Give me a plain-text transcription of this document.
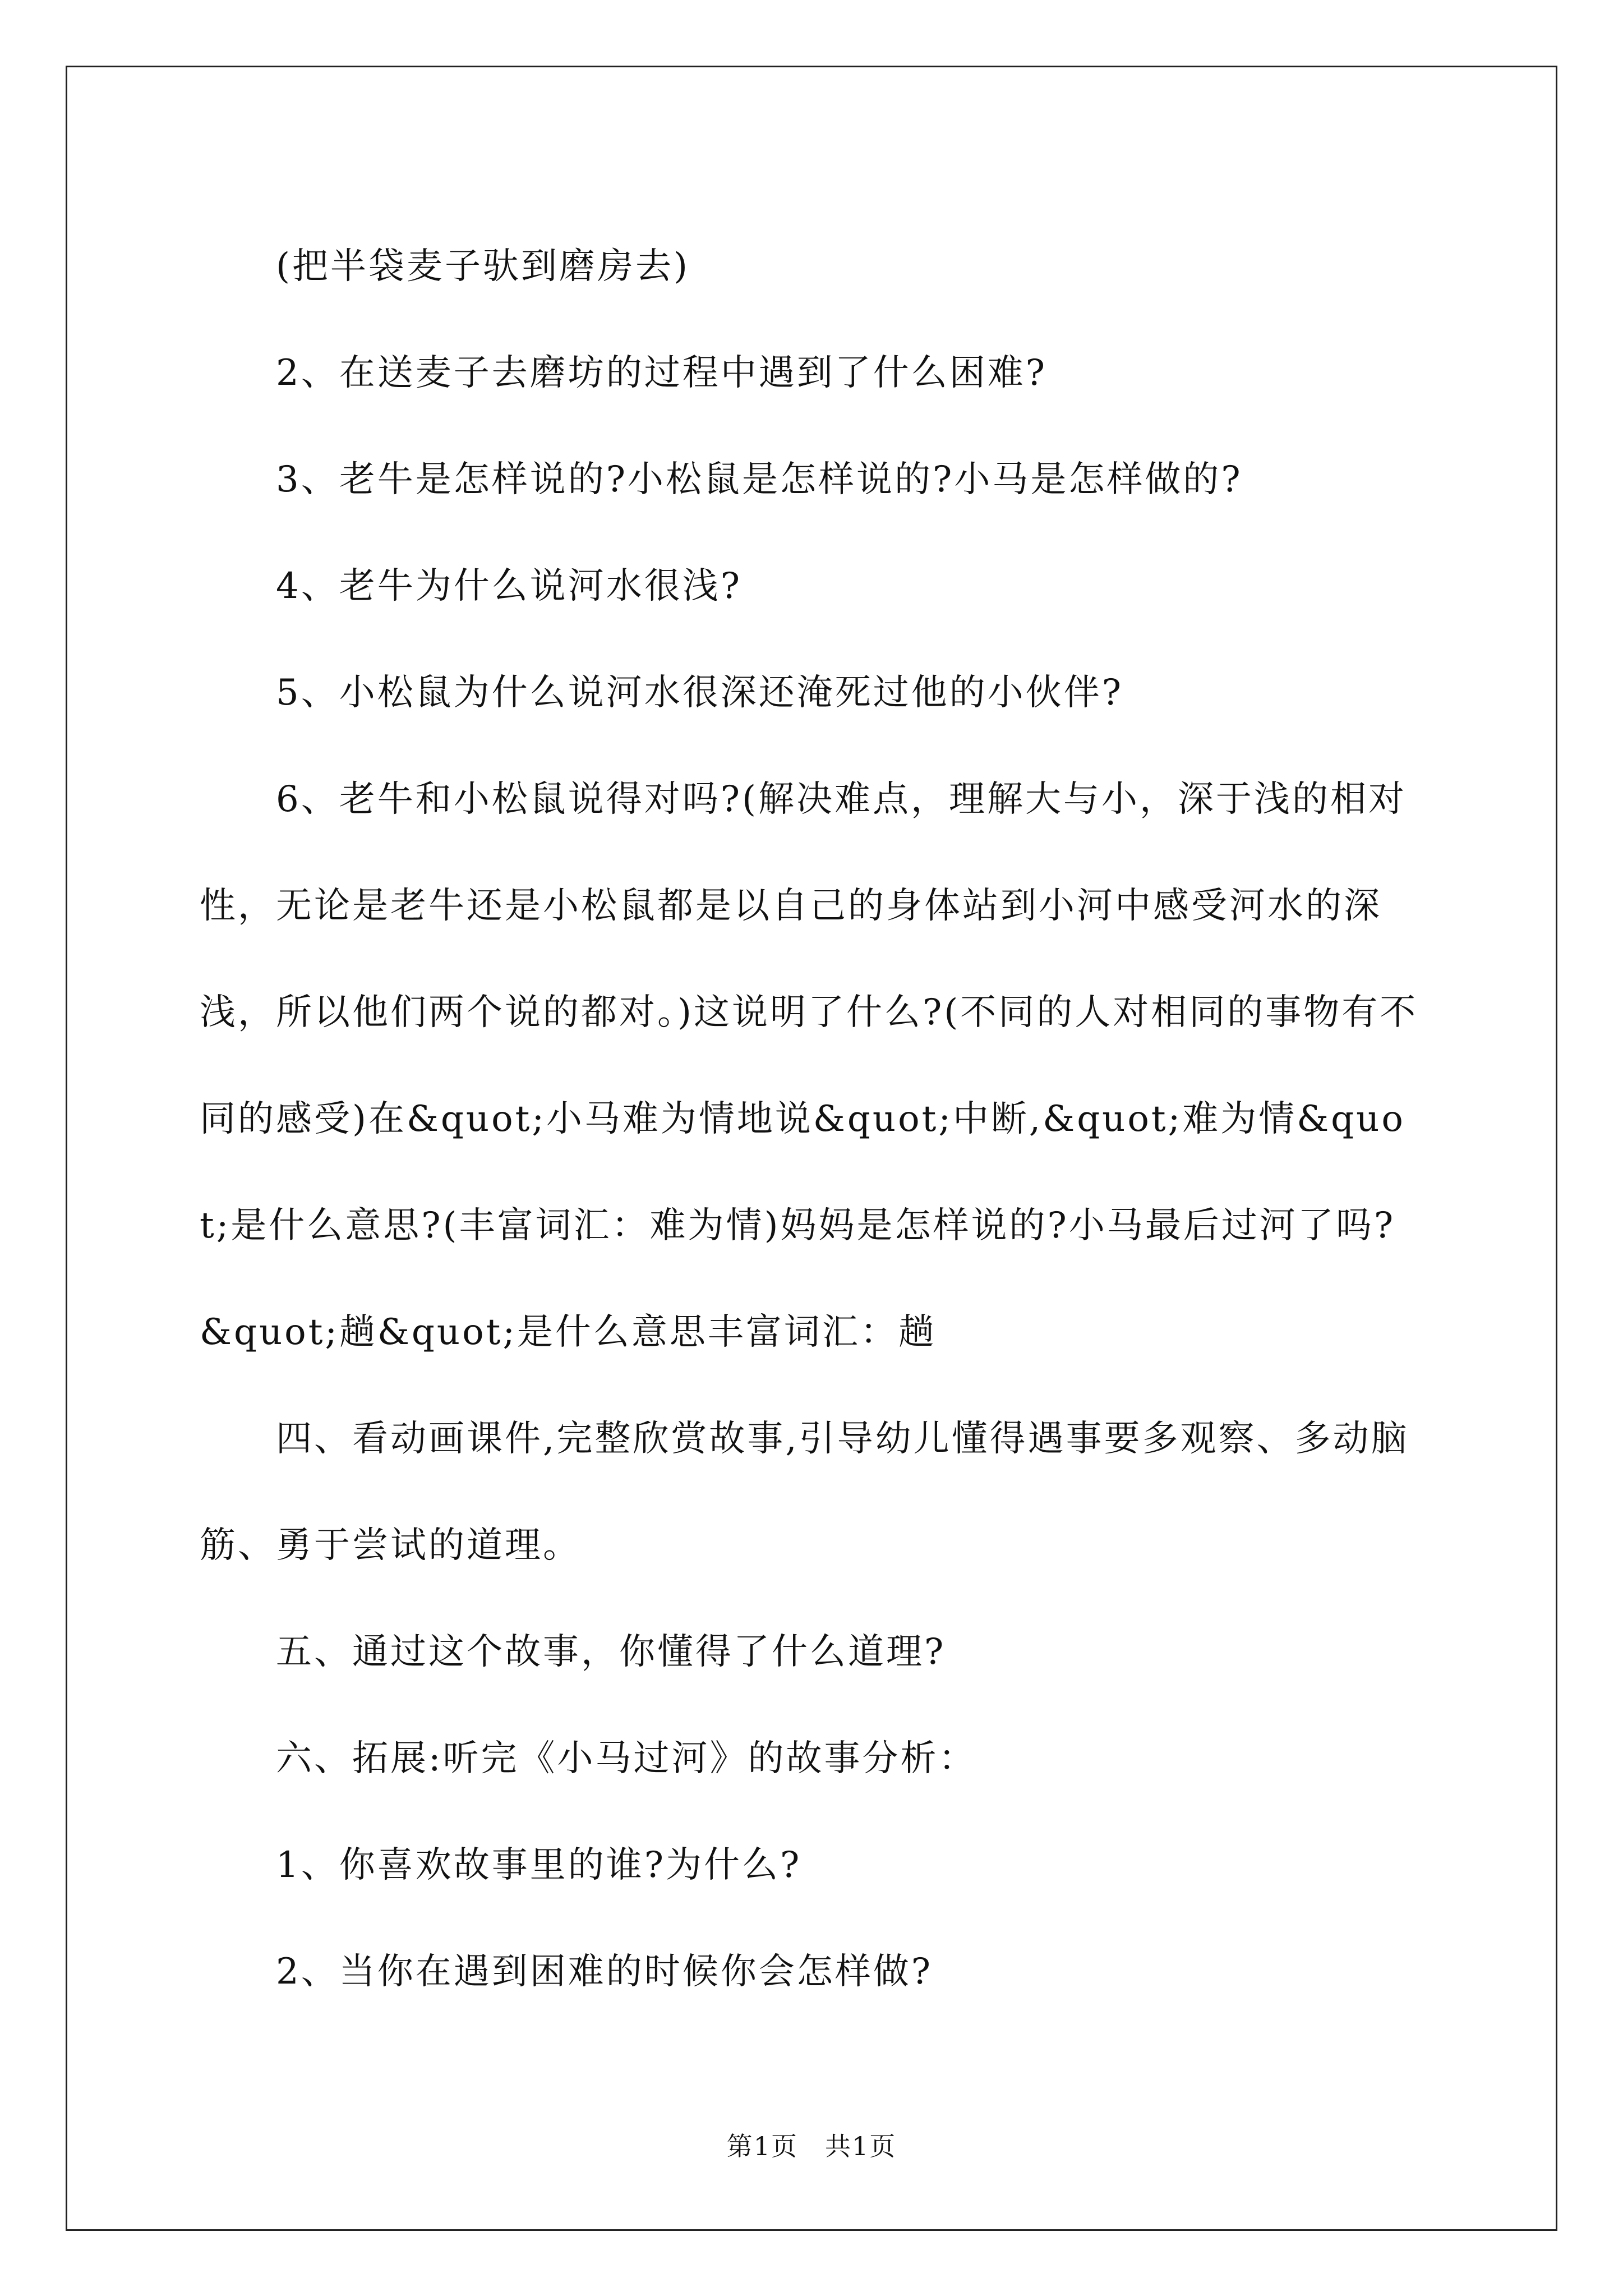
(把半袋麦子驮到磨房去)

2、在送麦子去磨坊的过程中遇到了什么困难?

3、老牛是怎样说的?小松鼠是怎样说的?小马是怎样做的?

4、老牛为什么说河水很浅?

5、小松鼠为什么说河水很深还淹死过他的小伙伴?

6、老牛和小松鼠说得对吗?(解决难点，理解大与小，深于浅的相对性，无论是老牛还是小松鼠都是以自己的身体站到小河中感受河水的深浅，所以他们两个说的都对。)这说明了什么?(不同的人对相同的事物有不同的感受)在&quot;小马难为情地说&quot;中断,&quot;难为情&quot;是什么意思?(丰富词汇：难为情)妈妈是怎样说的?小马最后过河了吗?&quot;趟&quot;是什么意思丰富词汇：趟

四、看动画课件,完整欣赏故事,引导幼儿懂得遇事要多观察、多动脑筋、勇于尝试的道理。

五、通过这个故事，你懂得了什么道理?

六、拓展:听完《小马过河》的故事分析：

1、你喜欢故事里的谁?为什么?

2、当你在遇到困难的时候你会怎样做?

第1页　共1页
